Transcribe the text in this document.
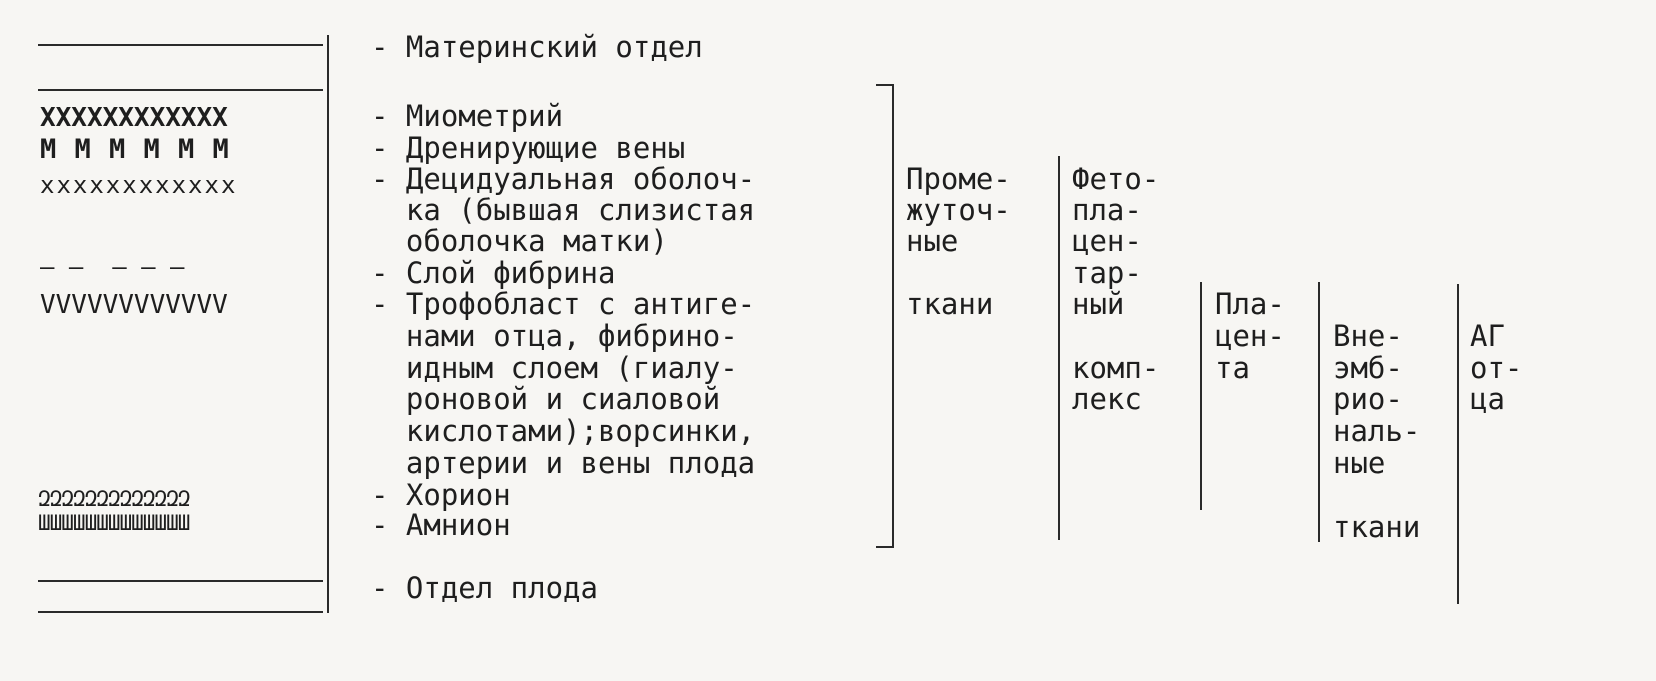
XXXXXXXXXXXX
M M M M M M
xxxxxxxxxxxx
— —  — — —
VVVVVVVVVVVV
ԶԶԶԶԶԶԶԶԶԶԶԶԶ
ШШШШШШШШШШШШШ
- Материнский отдел
- Миометрий
- Дренирующие вены
- Децидуальная оболоч-
ка (бывшая слизистая
оболочка матки)
- Слой фибрина
- Трофобласт с антиге-
нами отца, фибрино-
идным слоем (гиалу-
роновой и сиаловой
кислотами);ворсинки,
артерии и вены плода
- Хорион
- Амнион
- Отдел плода
Проме-
жуточ-
ные
ткани
Фето-
пла-
цен-
тар-
ный
комп-
лекс
Пла-
цен-
та
Вне-
эмб-
рио-
наль-
ные
ткани
АГ
от-
ца
